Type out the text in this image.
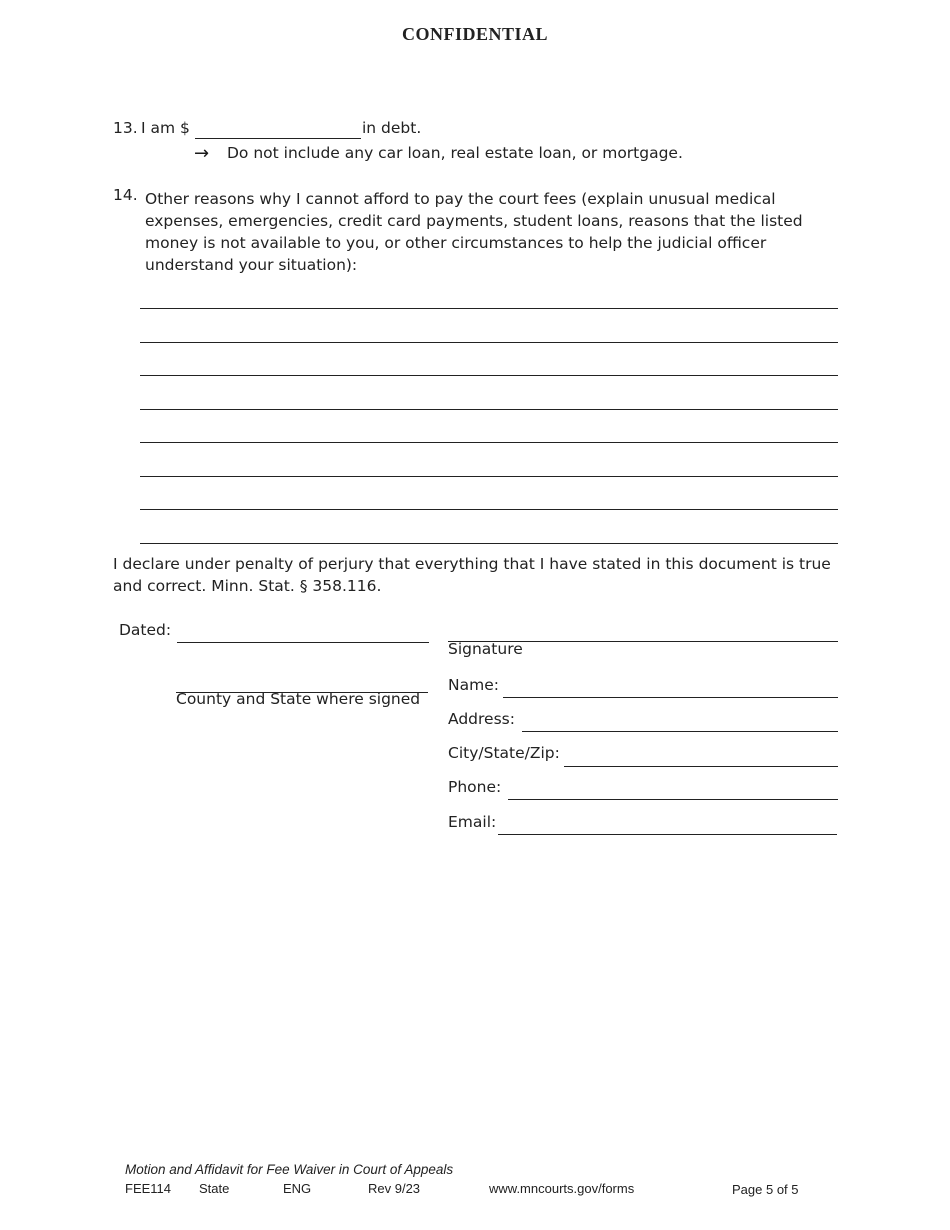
CONFIDENTIAL
13. I am $	in debt.
→ Do not include any car loan, real estate loan, or mortgage.
14. Other reasons why I cannot afford to pay the court fees (explain unusual medical expenses, emergencies, credit card payments, student loans, reasons that the listed money is not available to you, or other circumstances to help the judicial officer understand your situation):
I declare under penalty of perjury that everything that I have stated in this document is true and correct. Minn. Stat. § 358.116.
Dated:
County and State where signed
Signature
Name:
Address:
City/State/Zip:
Phone:
Email:
Motion and Affidavit for Fee Waiver in Court of Appeals
FEE114 State	ENG	Rev 9/23	www.mncourts.gov/forms	Page 5 of 5
